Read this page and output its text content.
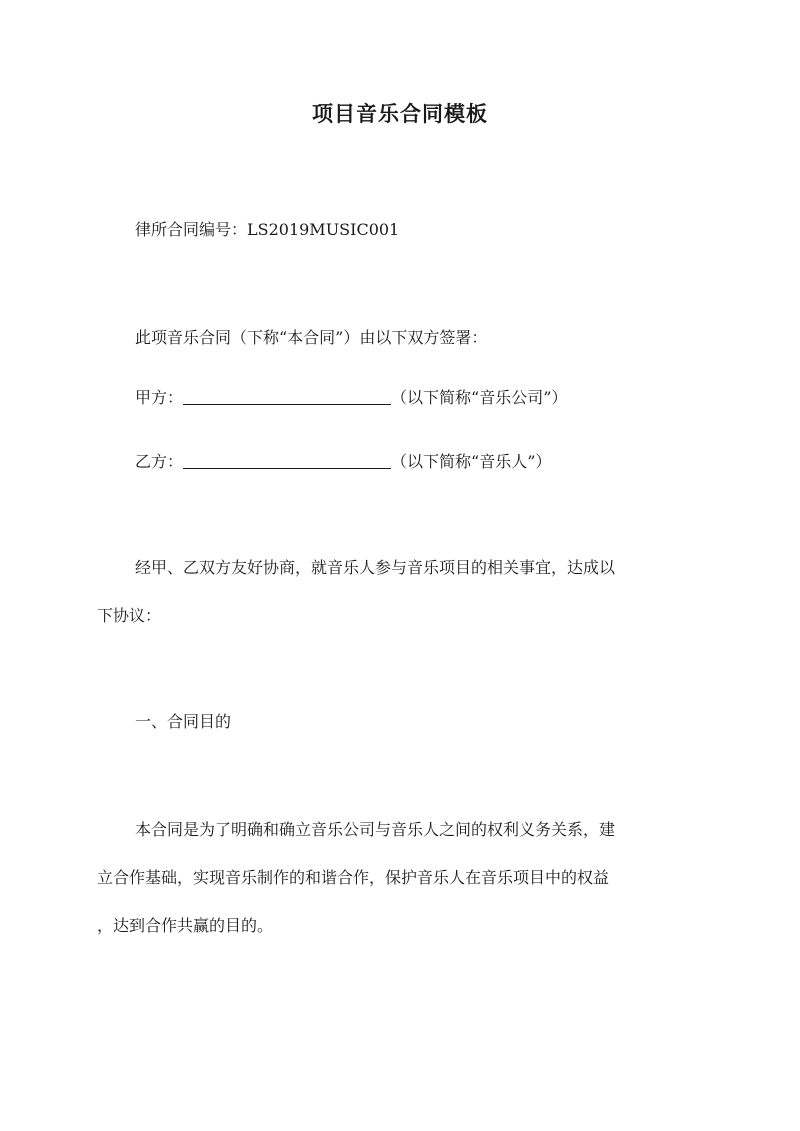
项目音乐合同模板
律所合同编号：LS2019MUSIC001
此项音乐合同（下称“本合同”）由以下双方签署：
甲方：	（以下简称“音乐公司”）
乙方：	（以下简称“音乐人”）
经甲、乙双方友好协商，就音乐人参与音乐项目的相关事宜，达成以
下协议：
一、合同目的
本合同是为了明确和确立音乐公司与音乐人之间的权利义务关系，建
立合作基础，实现音乐制作的和谐合作，保护音乐人在音乐项目中的权益
，达到合作共赢的目的。
